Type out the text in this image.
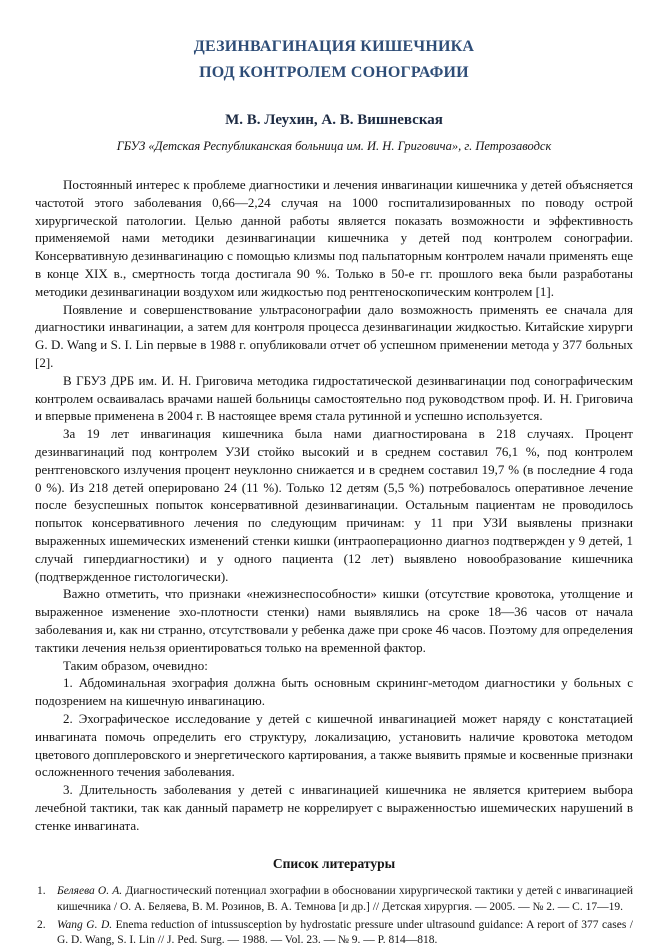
ДЕЗИНВАГИНАЦИЯ КИШЕЧНИКА
ПОД КОНТРОЛЕМ СОНОГРАФИИ
М. В. Леухин, А. В. Вишневская
ГБУЗ «Детская Республиканская больница им. И. Н. Григовича», г. Петрозаводск

Постоянный интерес к проблеме диагностики и лечения инвагинации кишечника у детей объясняется частотой этого заболевания 0,66—2,24 случая на 1000 госпитализированных по поводу острой хирургической патологии. Целью данной работы является показать возможности и эффективность применяемой нами методики дезинвагинации кишечника у детей под контролем сонографии. Консервативную дезинвагинацию с помощью клизмы под пальпаторным контролем начали применять еще в конце XIX в., смертность тогда достигала 90 %. Только в 50-е гг. прошлого века были разработаны методики дезинвагинации воздухом или жидкостью под рентгеноскопическим контролем [1].

Появление и совершенствование ультрасонографии дало возможность применять ее сначала для диагностики инвагинации, а затем для контроля процесса дезинвагинации жидкостью. Китайские хирурги G. D. Wang и S. I. Lin первые в 1988 г. опубликовали отчет об успешном применении метода у 377 больных [2].

В ГБУЗ ДРБ им. И. Н. Григовича методика гидростатической дезинвагинации под сонографическим контролем осваивалась врачами нашей больницы самостоятельно под руководством проф. И. Н. Григовича и впервые применена в 2004 г. В настоящее время стала рутинной и успешно используется.

За 19 лет инвагинация кишечника была нами диагностирована в 218 случаях. Процент дезинвагинаций под контролем УЗИ стойко высокий и в среднем составил 76,1 %, под контролем рентгеновского излучения процент неуклонно снижается и в среднем составил 19,7 % (в последние 4 года 0 %). Из 218 детей оперировано 24 (11 %). Только 12 детям (5,5 %) потребовалось оперативное лечение после безуспешных попыток консервативной дезинвагинации. Остальным пациентам не проводилось попыток консервативного лечения по следующим причинам: у 11 при УЗИ выявлены признаки выраженных ишемических изменений стенки кишки (интраоперационно диагноз подтвержден у 9 детей, 1 случай гипердиагностики) и у одного пациента (12 лет) выявлено новообразование кишечника (подтвержденное гистологически).

Важно отметить, что признаки «нежизнеспособности» кишки (отсутствие кровотока, утолщение и выраженное изменение эхо-плотности стенки) нами выявлялись на сроке 18—36 часов от начала заболевания и, как ни странно, отсутствовали у ребенка даже при сроке 46 часов. Поэтому для определения тактики лечения нельзя ориентироваться только на временной фактор.

Таким образом, очевидно:

1. Абдоминальная эхография должна быть основным скрининг-методом диагностики у больных с подозрением на кишечную инвагинацию.

2. Эхографическое исследование у детей с кишечной инвагинацией может наряду с констатацией инвагината помочь определить его структуру, локализацию, установить наличие кровотока методом цветового допплеровского и энергетического картирования, а также выявить прямые и косвенные признаки осложненного течения заболевания.

3. Длительность заболевания у детей с инвагинацией кишечника не является критерием выбора лечебной тактики, так как данный параметр не коррелирует с выраженностью ишемических нарушений в стенке инвагината.

Список литературы
1. Беляева О. А. Диагностический потенциал эхографии в обосновании хирургической тактики у детей с инвагинацией кишечника / О. А. Беляева, В. М. Розинов, В. А. Темнова [и др.] // Детская хирургия. — 2005. — № 2. — С. 17—19.
2. Wang G. D. Enema reduction of intussusception by hydrostatic pressure under ultrasound guidance: A report of 377 cases / G. D. Wang, S. I. Lin // J. Ped. Surg. — 1988. — Vol. 23. — № 9. — P. 814—818.
